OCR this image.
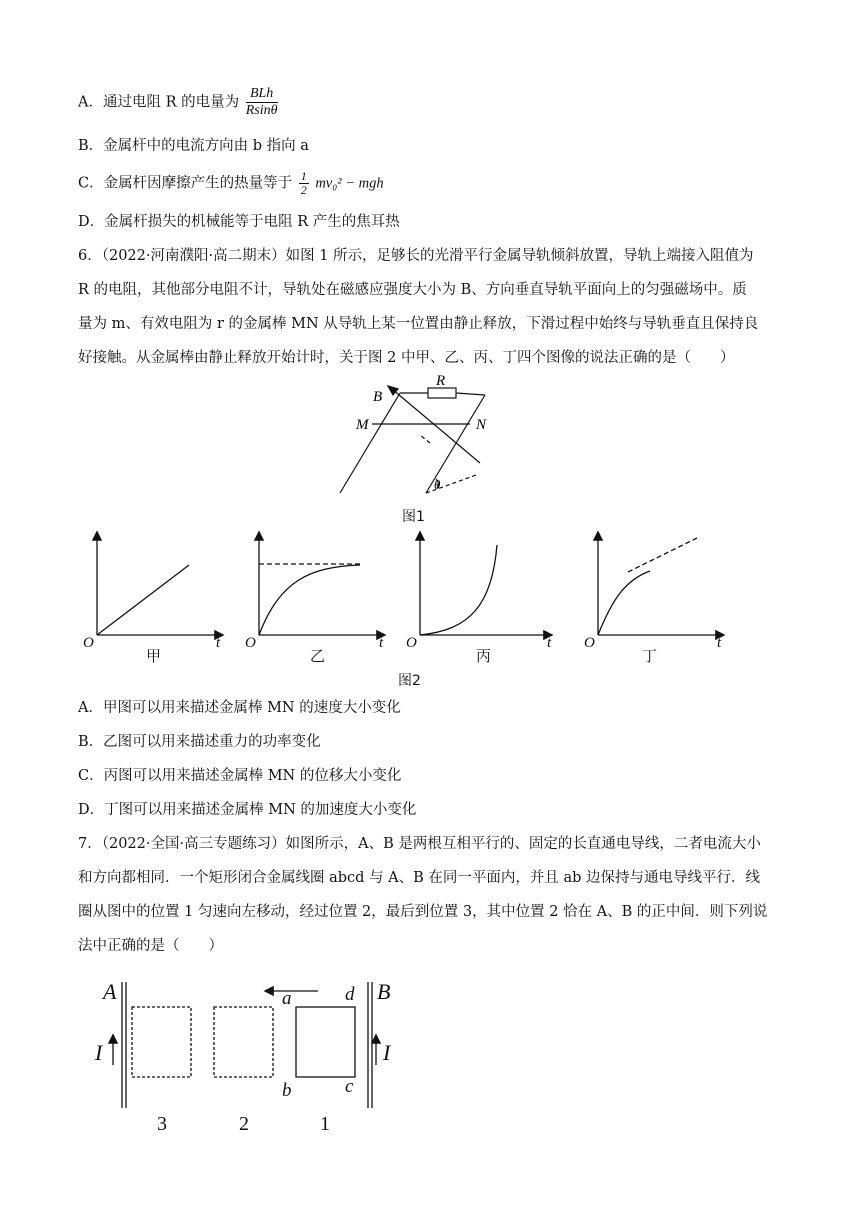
A．通过电阻 R 的电量为 $\frac{\text{BLh}}{Rsin\theta}$
B．金属杆中的电流方向由 b 指向 a
C．金属杆因摩擦产生的热量等于 $\frac{1}{2} mv_0^2$ − mgh
D．金属杆损失的机械能等于电阻 R 产生的焦耳热
6．（2022·河南濮阳·高二期末）如图 1 所示，足够长的光滑平行金属导轨倾斜放置，导轨上端接入阻值为
R 的电阻，其他部分电阻不计，导轨处在磁感应强度大小为 B、方向垂直导轨平面向上的匀强磁场中。质
量为 m、有效电阻为 r 的金属棒 MN 从导轨上某一位置由静止释放，下滑过程中始终与导轨垂直且保持良
好接触。从金属棒由静止释放开始计时，关于图 2 中甲、乙、丙、丁四个图像的说法正确的是（　　）
B
R
M	N
θ
图1
O	t O	t O	t O	t
甲	乙	丙	丁
图2
A．甲图可以用来描述金属棒 MN 的速度大小变化
B．乙图可以用来描述重力的功率变化
C．丙图可以用来描述金属棒 MN 的位移大小变化
D．丁图可以用来描述金属棒 MN 的加速度大小变化
7．（2022·全国·高三专题练习）如图所示，A、B 是两根互相平行的、固定的长直通电导线，二者电流大小
和方向都相同．一个矩形闭合金属线圈 abcd 与 A、B 在同一平面内，并且 ab 边保持与通电导线平行．线
圈从图中的位置 1 匀速向左移动，经过位置 2，最后到位置 3，其中位置 2 恰在 A、B 的正中间．则下列说
法中正确的是（　　）
A	B
I	I
a	d
b	c
3	2	1
